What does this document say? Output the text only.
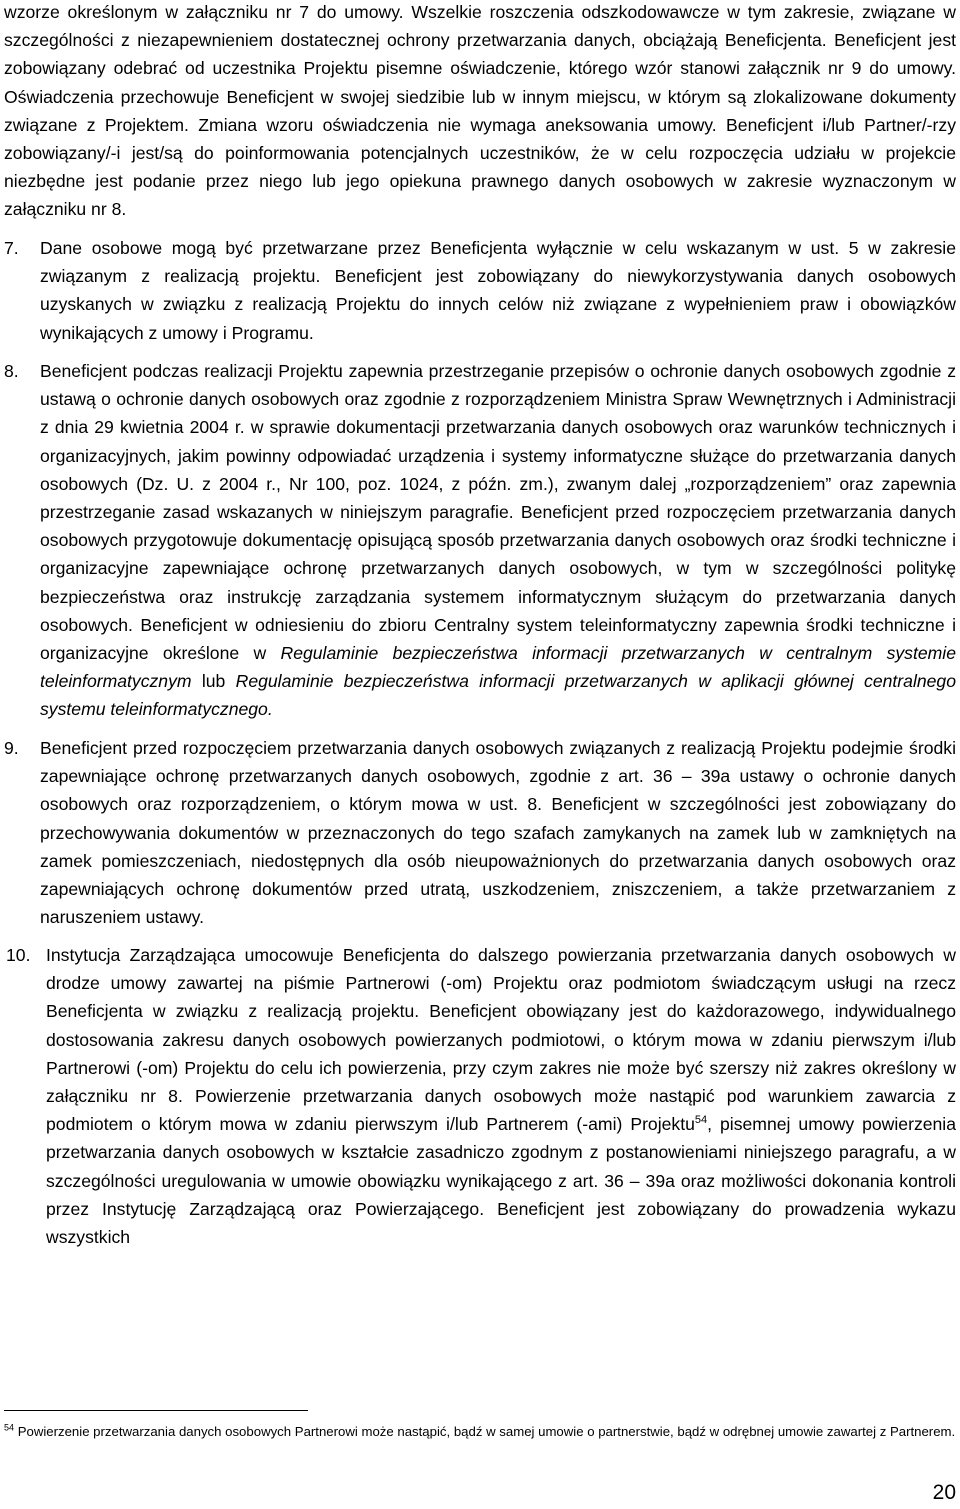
wzorze określonym w załączniku nr 7 do umowy. Wszelkie roszczenia odszkodowawcze w tym zakresie, związane w szczególności z niezapewnieniem dostatecznej ochrony przetwarzania danych, obciążają Beneficjenta. Beneficjent jest zobowiązany odebrać od uczestnika Projektu pisemne oświadczenie, którego wzór stanowi załącznik nr 9 do umowy. Oświadczenia przechowuje Beneficjent w swojej siedzibie lub w innym miejscu, w którym są zlokalizowane dokumenty związane z Projektem. Zmiana wzoru oświadczenia nie wymaga aneksowania umowy. Beneficjent i/lub Partner/-rzy zobowiązany/-i jest/są do poinformowania potencjalnych uczestników, że w celu rozpoczęcia udziału w projekcie niezbędne jest podanie przez niego lub jego opiekuna prawnego danych osobowych w zakresie wyznaczonym w załączniku nr 8.

7.	Dane osobowe mogą być przetwarzane przez Beneficjenta wyłącznie w celu wskazanym w ust. 5 w zakresie związanym z realizacją projektu. Beneficjent jest zobowiązany do niewykorzystywania danych osobowych uzyskanych w związku z realizacją Projektu do innych celów niż związane z wypełnieniem praw i obowiązków wynikających z umowy i Programu.

8.	Beneficjent podczas realizacji Projektu zapewnia przestrzeganie przepisów o ochronie danych osobowych zgodnie z ustawą o ochronie danych osobowych oraz zgodnie z rozporządzeniem Ministra Spraw Wewnętrznych i Administracji z dnia 29 kwietnia 2004 r. w sprawie dokumentacji przetwarzania danych osobowych oraz warunków technicznych i organizacyjnych, jakim powinny odpowiadać urządzenia i systemy informatyczne służące do przetwarzania danych osobowych (Dz. U. z 2004 r., Nr 100, poz. 1024, z późn. zm.), zwanym dalej „rozporządzeniem” oraz zapewnia przestrzeganie zasad wskazanych w niniejszym paragrafie. Beneficjent przed rozpoczęciem przetwarzania danych osobowych przygotowuje dokumentację opisującą sposób przetwarzania danych osobowych oraz środki techniczne i organizacyjne zapewniające ochronę przetwarzanych danych osobowych, w tym w szczególności politykę bezpieczeństwa oraz instrukcję zarządzania systemem informatycznym służącym do przetwarzania danych osobowych. Beneficjent w odniesieniu do zbioru Centralny system teleinformatyczny zapewnia środki techniczne i organizacyjne określone w Regulaminie bezpieczeństwa informacji przetwarzanych w centralnym systemie teleinformatycznym lub Regulaminie bezpieczeństwa informacji przetwarzanych w aplikacji głównej centralnego systemu teleinformatycznego.

9.	Beneficjent przed rozpoczęciem przetwarzania danych osobowych związanych z realizacją Projektu podejmie środki zapewniające ochronę przetwarzanych danych osobowych, zgodnie z art. 36 – 39a ustawy o ochronie danych osobowych oraz rozporządzeniem, o którym mowa w ust. 8. Beneficjent w szczególności jest zobowiązany do przechowywania dokumentów w przeznaczonych do tego szafach zamykanych na zamek lub w zamkniętych na zamek pomieszczeniach, niedostępnych dla osób nieupoważnionych do przetwarzania danych osobowych oraz zapewniających ochronę dokumentów przed utratą, uszkodzeniem, zniszczeniem, a także przetwarzaniem z naruszeniem ustawy.

10. Instytucja Zarządzająca umocowuje Beneficjenta do dalszego powierzania przetwarzania danych osobowych w drodze umowy zawartej na piśmie Partnerowi (-om) Projektu oraz podmiotom świadczącym usługi na rzecz Beneficjenta w związku z realizacją projektu. Beneficjent obowiązany jest do każdorazowego, indywidualnego dostosowania zakresu danych osobowych powierzanych podmiotowi, o którym mowa w zdaniu pierwszym i/lub Partnerowi (-om) Projektu do celu ich powierzenia, przy czym zakres nie może być szerszy niż zakres określony w załączniku nr 8. Powierzenie przetwarzania danych osobowych może nastąpić pod warunkiem zawarcia z podmiotem o którym mowa w zdaniu pierwszym i/lub Partnerem (-ami) Projektu$^{54}$, pisemnej umowy powierzenia przetwarzania danych osobowych w kształcie zasadniczo zgodnym z postanowieniami niniejszego paragrafu, a w szczególności uregulowania w umowie obowiązku wynikającego z art. 36 – 39a oraz możliwości dokonania kontroli przez Instytucję Zarządzającą oraz Powierzającego. Beneficjent jest zobowiązany do prowadzenia wykazu wszystkich

$^{54}$ Powierzenie przetwarzania danych osobowych Partnerowi może nastąpić, bądź w samej umowie o partnerstwie, bądź w odrębnej umowie zawartej z Partnerem.
20
